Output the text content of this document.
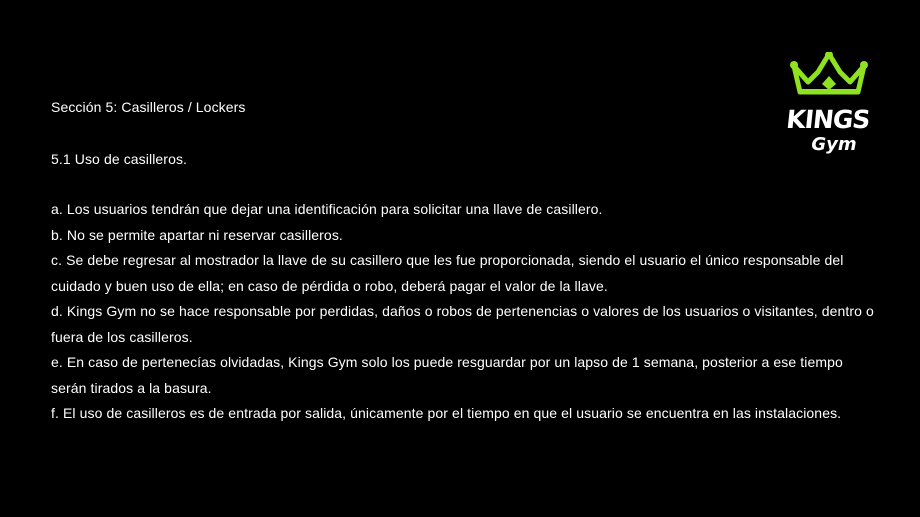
KINGS
Gym
Sección 5: Casilleros / Lockers
5.1 Uso de casilleros.
a. Los usuarios tendrán que dejar una identificación para solicitar una llave de casillero.
b. No se permite apartar ni reservar casilleros.
c. Se debe regresar al mostrador la llave de su casillero que les fue proporcionada, siendo el usuario el único responsable del cuidado y buen uso de ella; en caso de pérdida o robo, deberá pagar el valor de la llave.
d. Kings Gym no se hace responsable por perdidas, daños o robos de pertenencias o valores de los usuarios o visitantes, dentro o fuera de los casilleros.
e. En caso de pertenecías olvidadas, Kings Gym solo los puede resguardar por un lapso de 1 semana, posterior a ese tiempo serán tirados a la basura.
f. El uso de casilleros es de entrada por salida, únicamente por el tiempo en que el usuario se encuentra en las instalaciones.
